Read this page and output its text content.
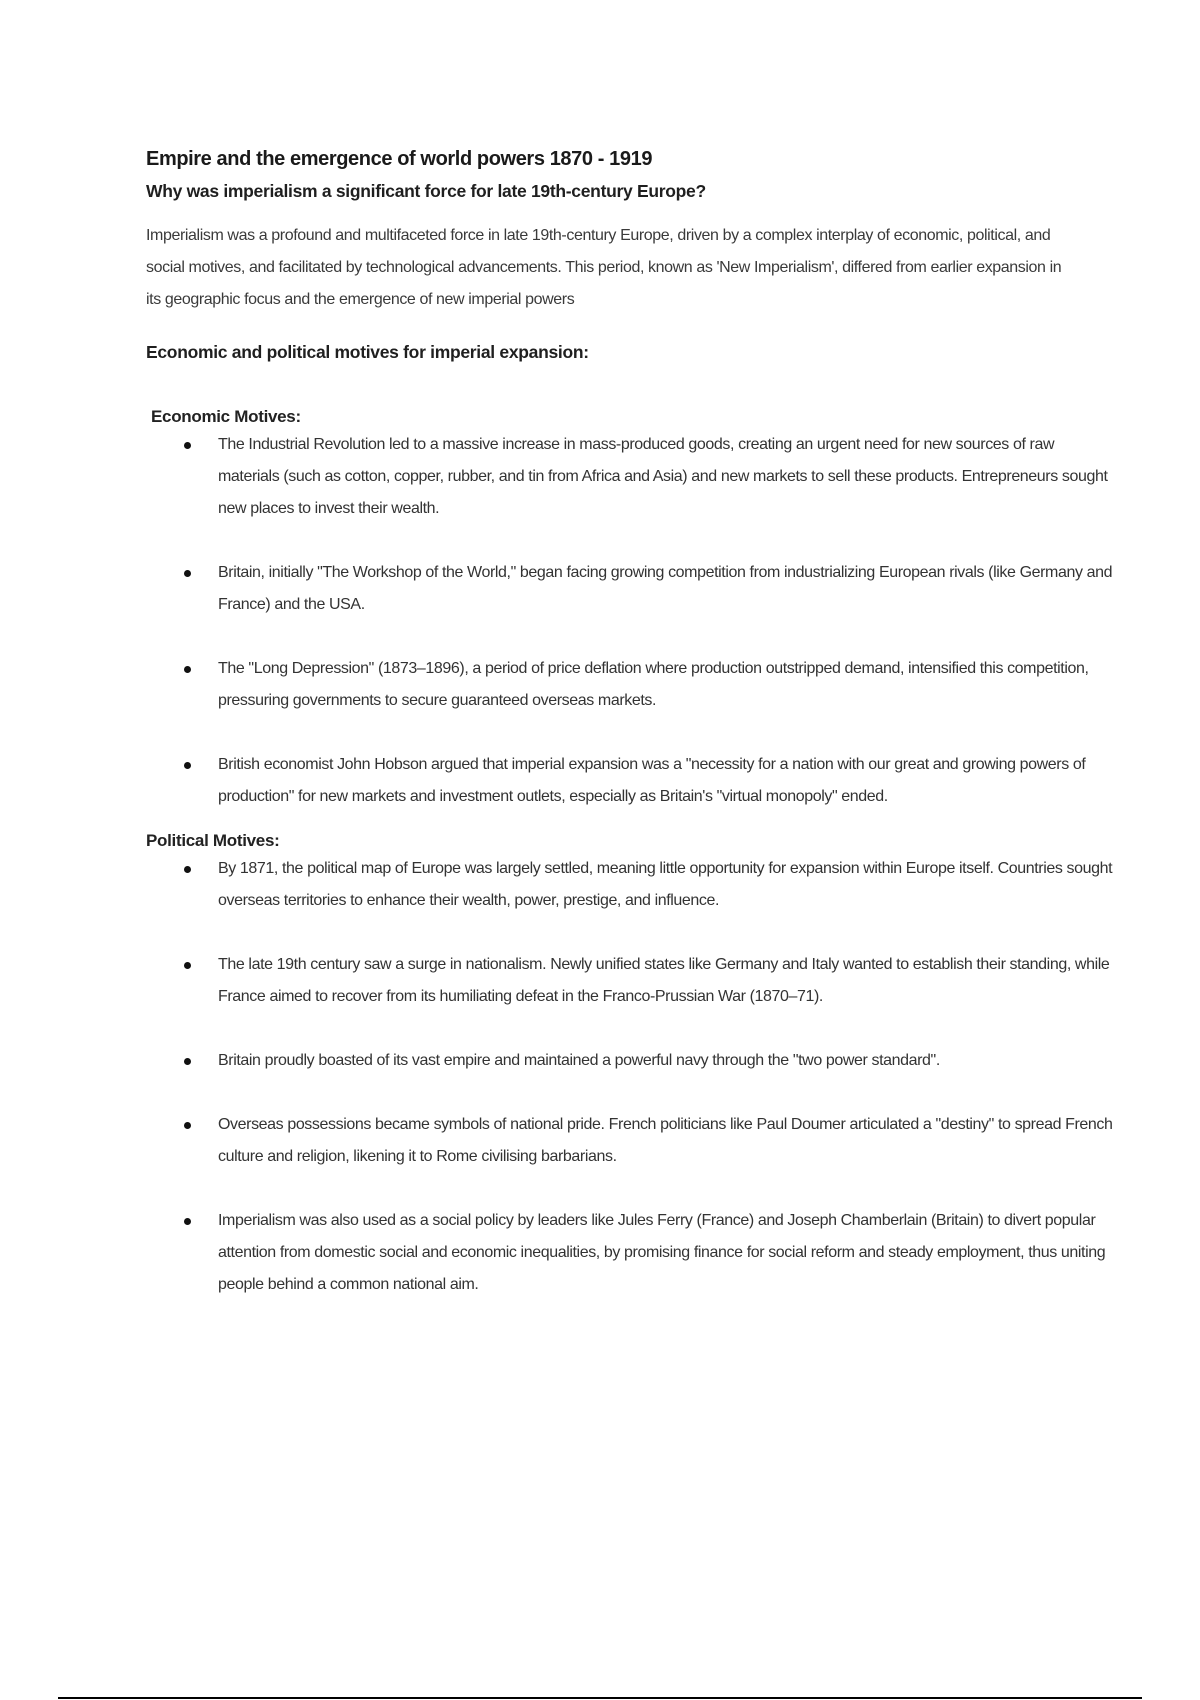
Empire and the emergence of world powers 1870 - 1919
Why was imperialism a significant force for late 19th-century Europe?

Imperialism was a profound and multifaceted force in late 19th-century Europe, driven by a complex interplay of economic, political, and social motives, and facilitated by technological advancements. This period, known as 'New Imperialism', differed from earlier expansion in its geographic focus and the emergence of new imperial powers

Economic and political motives for imperial expansion:
Economic Motives:
The Industrial Revolution led to a massive increase in mass-produced goods, creating an urgent need for new sources of raw materials (such as cotton, copper, rubber, and tin from Africa and Asia) and new markets to sell these products. Entrepreneurs sought new places to invest their wealth.
Britain, initially "The Workshop of the World," began facing growing competition from industrializing European rivals (like Germany and France) and the USA.
The "Long Depression" (1873–1896), a period of price deflation where production outstripped demand, intensified this competition, pressuring governments to secure guaranteed overseas markets.
British economist John Hobson argued that imperial expansion was a "necessity for a nation with our great and growing powers of production" for new markets and investment outlets, especially as Britain's "virtual monopoly" ended.
Political Motives:
By 1871, the political map of Europe was largely settled, meaning little opportunity for expansion within Europe itself. Countries sought overseas territories to enhance their wealth, power, prestige, and influence.
The late 19th century saw a surge in nationalism. Newly unified states like Germany and Italy wanted to establish their standing, while France aimed to recover from its humiliating defeat in the Franco-Prussian War (1870–71).
Britain proudly boasted of its vast empire and maintained a powerful navy through the "two power standard".
Overseas possessions became symbols of national pride. French politicians like Paul Doumer articulated a "destiny" to spread French culture and religion, likening it to Rome civilising barbarians.
Imperialism was also used as a social policy by leaders like Jules Ferry (France) and Joseph Chamberlain (Britain) to divert popular attention from domestic social and economic inequalities, by promising finance for social reform and steady employment, thus uniting people behind a common national aim.
